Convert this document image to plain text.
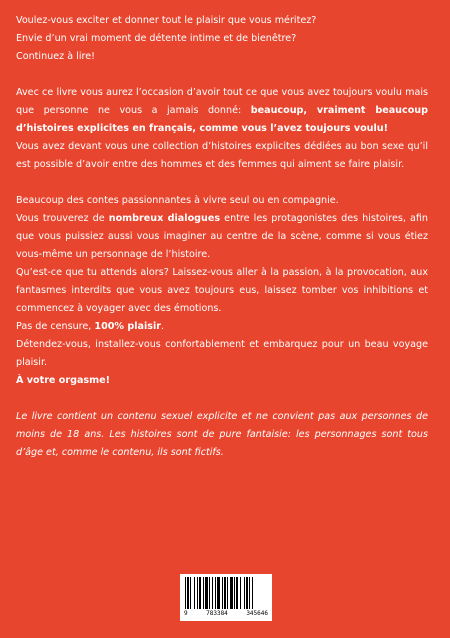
Voulez-vous exciter et donner tout le plaisir que vous méritez?

Envie d’un vrai moment de détente intime et de bienêtre?

Continuez à lire!

Avec ce livre vous aurez l’occasion d’avoir tout ce que vous avez toujours voulu mais que personne ne vous a jamais donné: beaucoup, vraiment beaucoup d’histoires explicites en français, comme vous l’avez toujours voulu!

Vous avez devant vous une collection d’histoires explicites dédiées au bon sexe qu’il est possible d’avoir entre des hommes et des femmes qui aiment se faire plaisir.

Beaucoup des contes passionnantes à vivre seul ou en compagnie.

Vous trouverez de nombreux dialogues entre les protagonistes des histoires, afin que vous puissiez aussi vous imaginer au centre de la scène, comme si vous étiez vous-même un personnage de l’histoire.

Qu’est-ce que tu attends alors? Laissez-vous aller à la passion, à la provocation, aux fantasmes interdits que vous avez toujours eus, laissez tomber vos inhibitions et commencez à voyager avec des émotions.

Pas de censure, 100% plaisir.

Détendez-vous, installez-vous confortablement et embarquez pour un beau voyage plaisir.

À votre orgasme!

Le livre contient un contenu sexuel explicite et ne convient pas aux personnes de moins de 18 ans. Les histoires sont de pure fantaisie: les personnages sont tous d’âge et, comme le contenu, ils sont fictifs.

9	783384	345646
